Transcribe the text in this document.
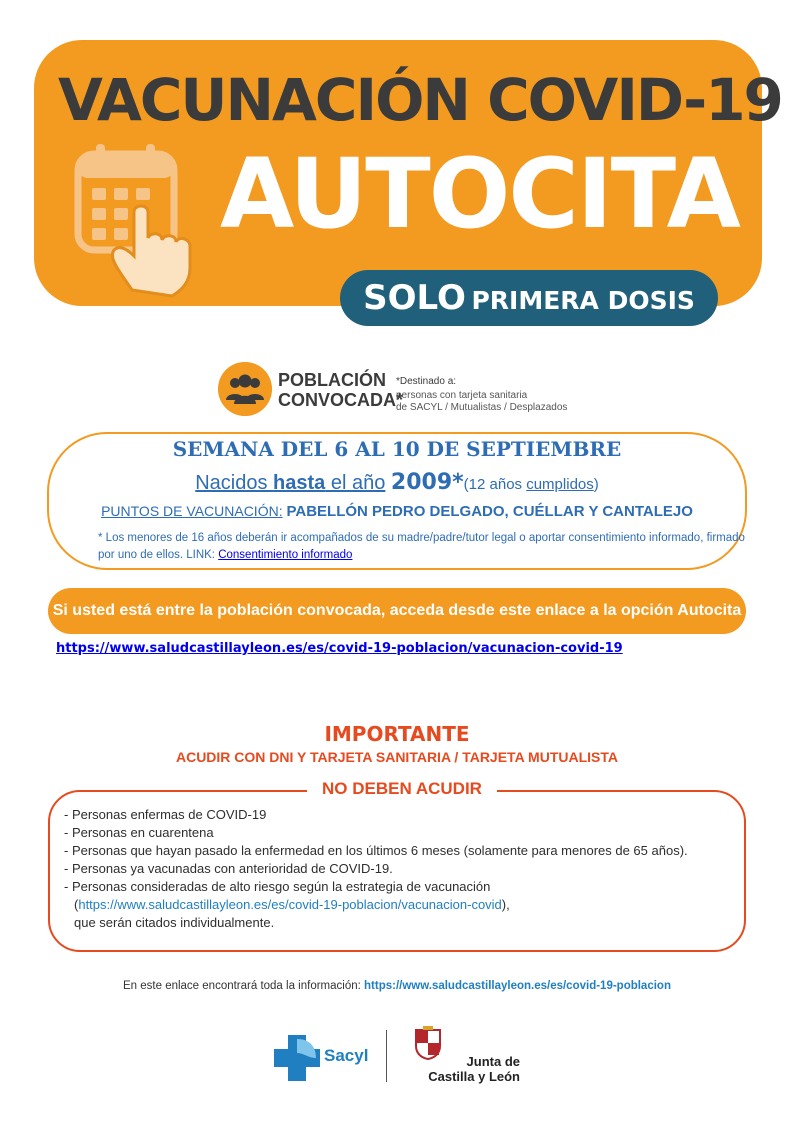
VACUNACIÓN COVID-19
AUTOCITA
SOLO PRIMERA DOSIS
POBLACIÓN
CONVOCADA*
*Destinado a:
personas con tarjeta sanitaria
de SACYL / Mutualistas / Desplazados
SEMANA DEL 6 AL 10 DE SEPTIEMBRE
Nacidos hasta el año 2009*(12 años cumplidos)
PUNTOS DE VACUNACIÓN: PABELLÓN PEDRO DELGADO, CUÉLLAR Y CANTALEJO
* Los menores de 16 años deberán ir acompañados de su madre/padre/tutor legal o aportar consentimiento informado, firmado por uno de ellos. LINK: Consentimiento informado
Si usted está entre la población convocada, acceda desde este enlace a la opción Autocita
https://www.saludcastillayleon.es/es/covid-19-poblacion/vacunacion-covid-19
IMPORTANTE
ACUDIR CON DNI Y TARJETA SANITARIA / TARJETA MUTUALISTA
NO DEBEN ACUDIR
- Personas enfermas de COVID-19
- Personas en cuarentena
- Personas que hayan pasado la enfermedad en los últimos 6 meses (solamente para menores de 65 años).
- Personas ya vacunadas con anterioridad de COVID-19.
- Personas consideradas de alto riesgo según la estrategia de vacunación
(https://www.saludcastillayleon.es/es/covid-19-poblacion/vacunacion-covid),
que serán citados individualmente.
En este enlace encontrará toda la información: https://www.saludcastillayleon.es/es/covid-19-poblacion
Sacyl	Junta de
Castilla y León
